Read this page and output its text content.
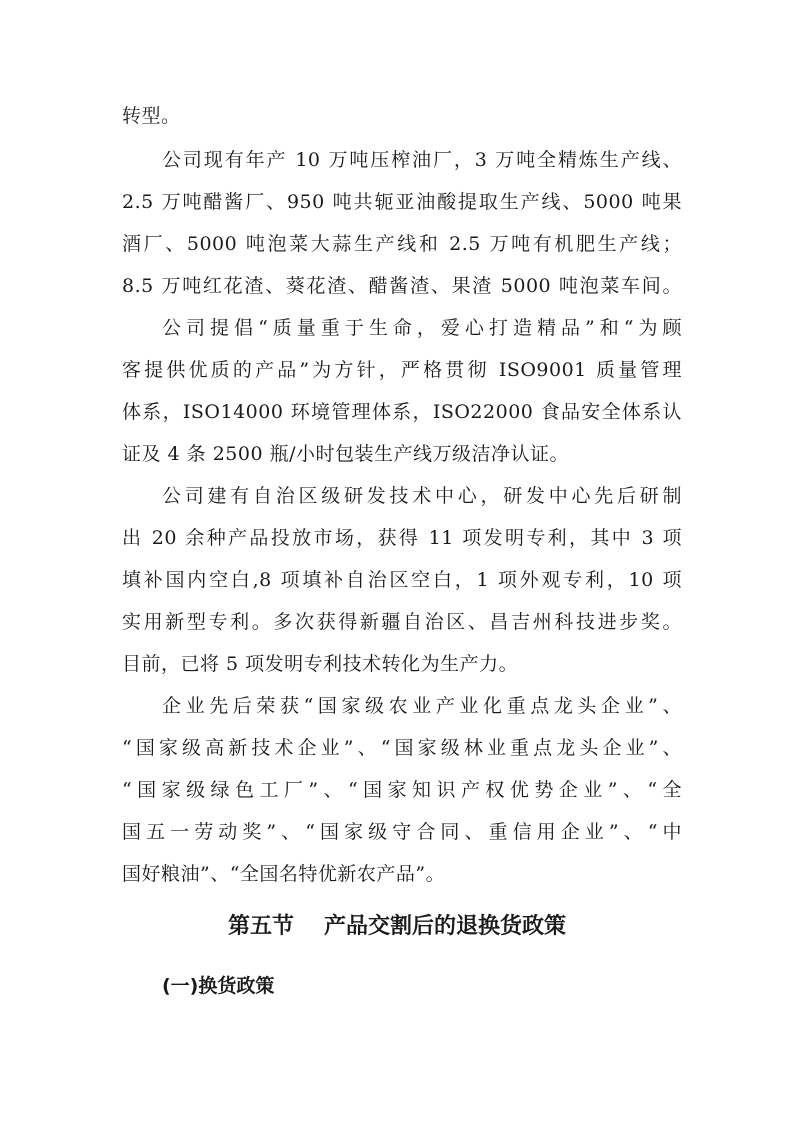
转型。
公司现有年产 10 万吨压榨油厂，3 万吨全精炼生产线、
2.5 万吨醋酱厂、950 吨共轭亚油酸提取生产线、5000 吨果
酒厂、5000 吨泡菜大蒜生产线和 2.5 万吨有机肥生产线；
8.5 万吨红花渣、葵花渣、醋酱渣、果渣 5000 吨泡菜车间。
公司提倡“质量重于生命，爱心打造精品”和“为顾
客提供优质的产品”为方针，严格贯彻 ISO9001 质量管理
体系，ISO14000 环境管理体系，ISO22000 食品安全体系认
证及 4 条 2500 瓶/小时包装生产线万级洁净认证。
公司建有自治区级研发技术中心，研发中心先后研制
出 20 余种产品投放市场，获得 11 项发明专利，其中 3 项
填补国内空白,8 项填补自治区空白，1 项外观专利，10 项
实用新型专利。多次获得新疆自治区、昌吉州科技进步奖。
目前，已将 5 项发明专利技术转化为生产力。
企业先后荣获“国家级农业产业化重点龙头企业”、
“国家级高新技术企业”、“国家级林业重点龙头企业”、
“国家级绿色工厂”、“国家知识产权优势企业”、“全
国五一劳动奖”、“国家级守合同、重信用企业”、“中
国好粮油”、“全国名特优新农产品”。
第五节 产品交割后的退换货政策
(一)换货政策
